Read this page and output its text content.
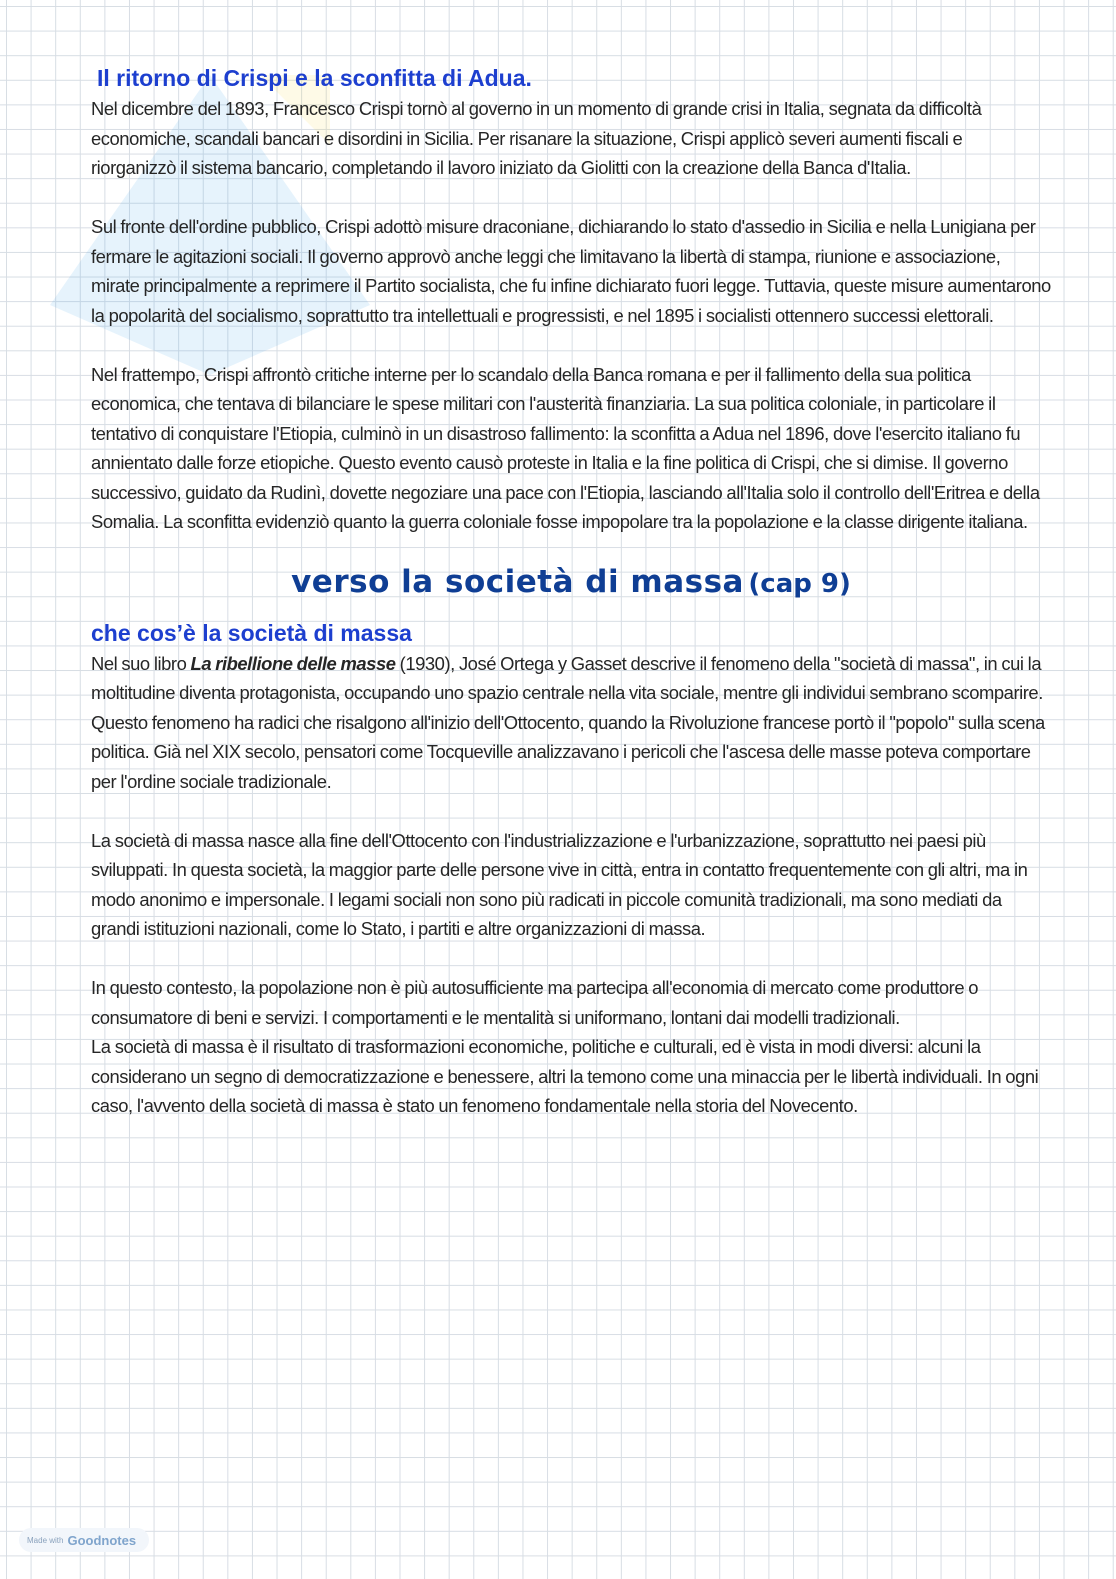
Il ritorno di Crispi e la sconfitta di Adua.

Nel dicembre del 1893, Francesco Crispi tornò al governo in un momento di grande crisi in Italia, segnata da difficoltà economiche, scandali bancari e disordini in Sicilia. Per risanare la situazione, Crispi applicò severi aumenti fiscali e riorganizzò il sistema bancario, completando il lavoro iniziato da Giolitti con la creazione della Banca d'Italia.

Sul fronte dell'ordine pubblico, Crispi adottò misure draconiane, dichiarando lo stato d'assedio in Sicilia e nella Lunigiana per fermare le agitazioni sociali. Il governo approvò anche leggi che limitavano la libertà di stampa, riunione e associazione, mirate principalmente a reprimere il Partito socialista, che fu infine dichiarato fuori legge. Tuttavia, queste misure aumentarono la popolarità del socialismo, soprattutto tra intellettuali e progressisti, e nel 1895 i socialisti ottennero successi elettorali.

Nel frattempo, Crispi affrontò critiche interne per lo scandalo della Banca romana e per il fallimento della sua politica economica, che tentava di bilanciare le spese militari con l'austerità finanziaria. La sua politica coloniale, in particolare il tentativo di conquistare l'Etiopia, culminò in un disastroso fallimento: la sconfitta a Adua nel 1896, dove l'esercito italiano fu annientato dalle forze etiopiche. Questo evento causò proteste in Italia e la fine politica di Crispi, che si dimise. Il governo successivo, guidato da Rudinì, dovette negoziare una pace con l'Etiopia, lasciando all'Italia solo il controllo dell'Eritrea e della Somalia. La sconfitta evidenziò quanto la guerra coloniale fosse impopolare tra la popolazione e la classe dirigente italiana.

verso la società di massa (cap 9)
che cos’è la società di massa

Nel suo libro La ribellione delle masse (1930), José Ortega y Gasset descrive il fenomeno della "società di massa", in cui la moltitudine diventa protagonista, occupando uno spazio centrale nella vita sociale, mentre gli individui sembrano scomparire. Questo fenomeno ha radici che risalgono all'inizio dell'Ottocento, quando la Rivoluzione francese portò il "popolo" sulla scena politica. Già nel XIX secolo, pensatori come Tocqueville analizzavano i pericoli che l'ascesa delle masse poteva comportare per l'ordine sociale tradizionale.

La società di massa nasce alla fine dell'Ottocento con l'industrializzazione e l'urbanizzazione, soprattutto nei paesi più sviluppati. In questa società, la maggior parte delle persone vive in città, entra in contatto frequentemente con gli altri, ma in modo anonimo e impersonale. I legami sociali non sono più radicati in piccole comunità tradizionali, ma sono mediati da grandi istituzioni nazionali, come lo Stato, i partiti e altre organizzazioni di massa.

In questo contesto, la popolazione non è più autosufficiente ma partecipa all'economia di mercato come produttore o consumatore di beni e servizi. I comportamenti e le mentalità si uniformano, lontani dai modelli tradizionali.

La società di massa è il risultato di trasformazioni economiche, politiche e culturali, ed è vista in modi diversi: alcuni la considerano un segno di democratizzazione e benessere, altri la temono come una minaccia per le libertà individuali. In ogni caso, l'avvento della società di massa è stato un fenomeno fondamentale nella storia del Novecento.

Made with Goodnotes
